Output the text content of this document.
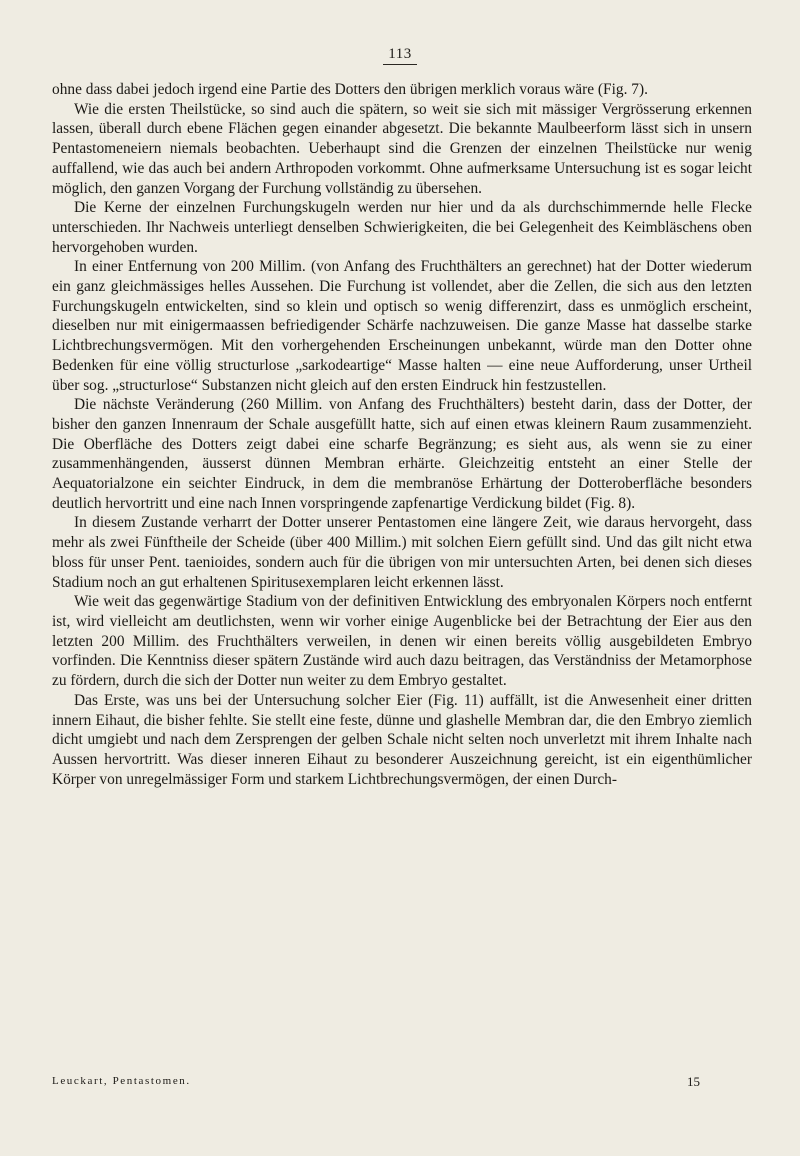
113

ohne dass dabei jedoch irgend eine Partie des Dotters den übrigen merklich voraus wäre (Fig. 7).

Wie die ersten Theilstücke, so sind auch die spätern, so weit sie sich mit mässiger Vergrösserung erkennen lassen, überall durch ebene Flächen gegen einander abgesetzt. Die bekannte Maulbeerform lässt sich in unsern Pentastomeneiern niemals beobachten. Ueberhaupt sind die Grenzen der einzelnen Theilstücke nur wenig auffallend, wie das auch bei andern Arthropoden vorkommt. Ohne aufmerksame Untersuchung ist es sogar leicht möglich, den ganzen Vorgang der Furchung vollständig zu übersehen.

Die Kerne der einzelnen Furchungskugeln werden nur hier und da als durchschimmernde helle Flecke unterschieden. Ihr Nachweis unterliegt denselben Schwierigkeiten, die bei Gelegenheit des Keimbläschens oben hervorgehoben wurden.

In einer Entfernung von 200 Millim. (von Anfang des Fruchthälters an gerechnet) hat der Dotter wiederum ein ganz gleichmässiges helles Aussehen. Die Furchung ist vollendet, aber die Zellen, die sich aus den letzten Furchungskugeln entwickelten, sind so klein und optisch so wenig differenzirt, dass es unmöglich erscheint, dieselben nur mit einigermaassen befriedigender Schärfe nachzuweisen. Die ganze Masse hat dasselbe starke Lichtbrechungsvermögen. Mit den vorhergehenden Erscheinungen unbekannt, würde man den Dotter ohne Bedenken für eine völlig structurlose „sarkodeartige“ Masse halten — eine neue Aufforderung, unser Urtheil über sog. „structurlose“ Substanzen nicht gleich auf den ersten Eindruck hin festzustellen.

Die nächste Veränderung (260 Millim. von Anfang des Fruchthälters) besteht darin, dass der Dotter, der bisher den ganzen Innenraum der Schale ausgefüllt hatte, sich auf einen etwas kleinern Raum zusammenzieht. Die Oberfläche des Dotters zeigt dabei eine scharfe Begränzung; es sieht aus, als wenn sie zu einer zusammenhängenden, äusserst dünnen Membran erhärte. Gleichzeitig entsteht an einer Stelle der Aequatorialzone ein seichter Eindruck, in dem die membranöse Erhärtung der Dotteroberfläche besonders deutlich hervortritt und eine nach Innen vorspringende zapfenartige Verdickung bildet (Fig. 8).

In diesem Zustande verharrt der Dotter unserer Pentastomen eine längere Zeit, wie daraus hervorgeht, dass mehr als zwei Fünftheile der Scheide (über 400 Millim.) mit solchen Eiern gefüllt sind. Und das gilt nicht etwa bloss für unser Pent. taenioides, sondern auch für die übrigen von mir untersuchten Arten, bei denen sich dieses Stadium noch an gut erhaltenen Spiritusexemplaren leicht erkennen lässt.

Wie weit das gegenwärtige Stadium von der definitiven Entwicklung des embryonalen Körpers noch entfernt ist, wird vielleicht am deutlichsten, wenn wir vorher einige Augenblicke bei der Betrachtung der Eier aus den letzten 200 Millim. des Fruchthälters verweilen, in denen wir einen bereits völlig ausgebildeten Embryo vorfinden. Die Kenntniss dieser spätern Zustände wird auch dazu beitragen, das Verständniss der Metamorphose zu fördern, durch die sich der Dotter nun weiter zu dem Embryo gestaltet.

Das Erste, was uns bei der Untersuchung solcher Eier (Fig. 11) auffällt, ist die Anwesenheit einer dritten innern Eihaut, die bisher fehlte. Sie stellt eine feste, dünne und glashelle Membran dar, die den Embryo ziemlich dicht umgiebt und nach dem Zersprengen der gelben Schale nicht selten noch unverletzt mit ihrem Inhalte nach Aussen hervortritt. Was dieser inneren Eihaut zu besonderer Auszeichnung gereicht, ist ein eigenthümlicher Körper von unregelmässiger Form und starkem Lichtbrechungsvermögen, der einen Durch-

Leuckart, Pentastomen.	15
